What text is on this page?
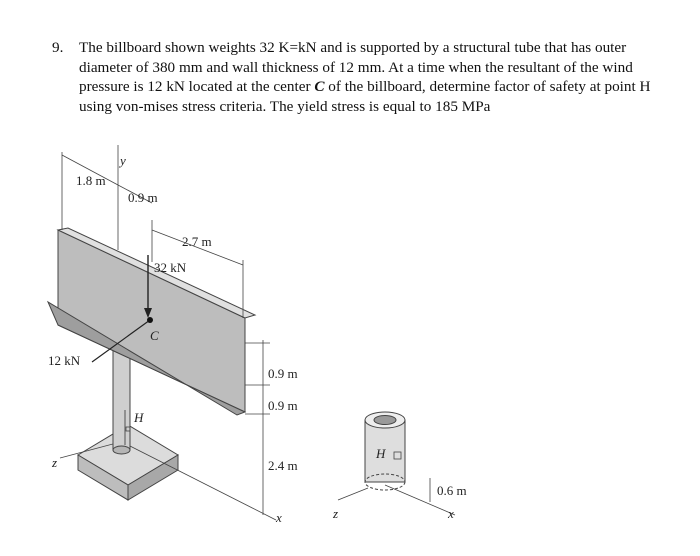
9. The billboard shown weights 32 K=kN and is supported by a structural tube that has outer diameter of 380 mm and wall thickness of 12 mm. At a time when the resultant of the wind pressure is 12 kN located at the center C of the billboard, determine factor of safety at point H using von-mises stress criteria. The yield stress is equal to 185 MPa
1.8 m
0.9 m
2.7 m
32 kN
12 kN
C
H
0.9 m
0.9 m
2.4 m
y
z
x
H
z	x
0.6 m
